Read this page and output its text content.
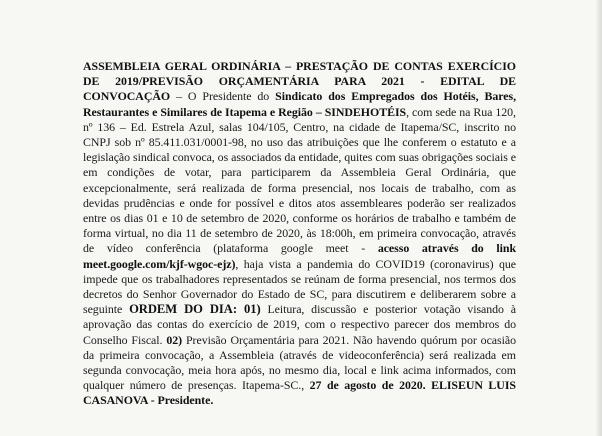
ASSEMBLEIA GERAL ORDINÁRIA – PRESTAÇÃO DE CONTAS EXERCÍCIO DE 2019/PREVISÃO ORÇAMENTÁRIA PARA 2021 - EDITAL DE CONVOCAÇÃO – O Presidente do Sindicato dos Empregados dos Hotéis, Bares, Restaurantes e Similares de Itapema e Região – SINDEHOTÉIS, com sede na Rua 120, nº 136 – Ed. Estrela Azul, salas 104/105, Centro, na cidade de Itapema/SC, inscrito no CNPJ sob nº 85.411.031/0001-98, no uso das atribuições que lhe conferem o estatuto e a legislação sindical convoca, os associados da entidade, quites com suas obrigações sociais e em condições de votar, para participarem da Assembleia Geral Ordinária, que excepcionalmente, será realizada de forma presencial, nos locais de trabalho, com as devidas prudências e onde for possível e ditos atos assembleares poderão ser realizados entre os dias 01 e 10 de setembro de 2020, conforme os horários de trabalho e também de forma virtual, no dia 11 de setembro de 2020, às 18:00h, em primeira convocação, através de vídeo conferência (plataforma google meet - acesso através do link meet.google.com/kjf-wgoc-ejz), haja vista a pandemia do COVID19 (coronavirus) que impede que os trabalhadores representados se reúnam de forma presencial, nos termos dos decretos do Senhor Governador do Estado de SC, para discutirem e deliberarem sobre a seguinte ORDEM DO DIA: 01) Leitura, discussão e posterior votação visando à aprovação das contas do exercício de 2019, com o respectivo parecer dos membros do Conselho Fiscal. 02) Previsão Orçamentária para 2021. Não havendo quórum por ocasião da primeira convocação, a Assembleia (através de videoconferência) será realizada em segunda convocação, meia hora após, no mesmo dia, local e link acima informados, com qualquer número de presenças. Itapema-SC., 27 de agosto de 2020. ELISEUN LUIS CASANOVA - Presidente.
